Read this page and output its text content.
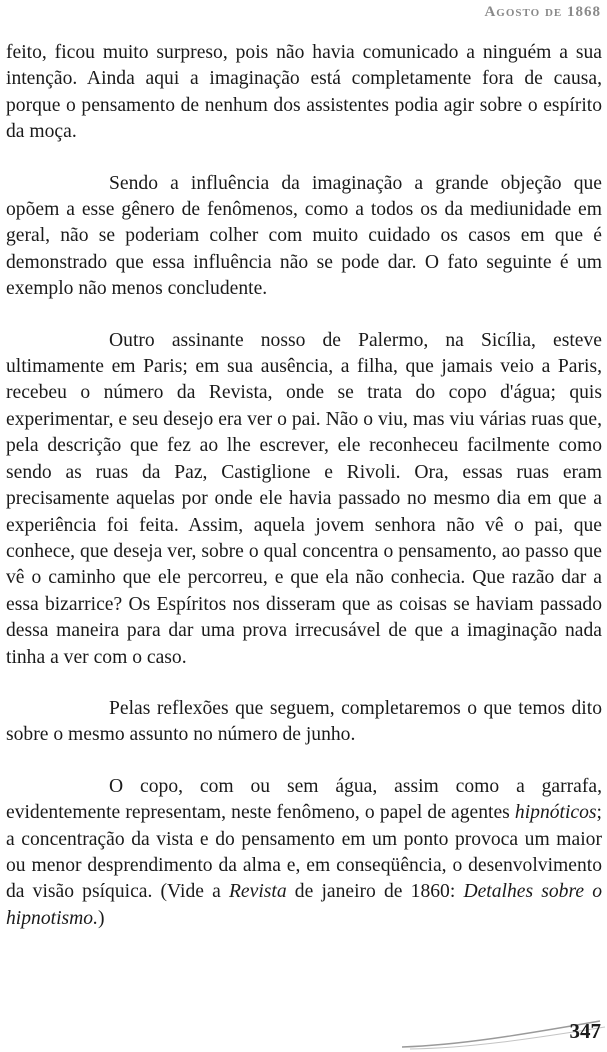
Agosto de 1868

feito, ficou muito surpreso, pois não havia comunicado a ninguém a sua intenção. Ainda aqui a imaginação está completamente fora de causa, porque o pensamento de nenhum dos assistentes podia agir sobre o espírito da moça.

Sendo a influência da imaginação a grande objeção que opõem a esse gênero de fenômenos, como a todos os da mediunidade em geral, não se poderiam colher com muito cuidado os casos em que é demonstrado que essa influência não se pode dar. O fato seguinte é um exemplo não menos concludente.

Outro assinante nosso de Palermo, na Sicília, esteve ultimamente em Paris; em sua ausência, a filha, que jamais veio a Paris, recebeu o número da Revista, onde se trata do copo d'água; quis experimentar, e seu desejo era ver o pai. Não o viu, mas viu várias ruas que, pela descrição que fez ao lhe escrever, ele reconheceu facilmente como sendo as ruas da Paz, Castiglione e Rivoli. Ora, essas ruas eram precisamente aquelas por onde ele havia passado no mesmo dia em que a experiência foi feita. Assim, aquela jovem senhora não vê o pai, que conhece, que deseja ver, sobre o qual concentra o pensamento, ao passo que vê o caminho que ele percorreu, e que ela não conhecia. Que razão dar a essa bizarrice? Os Espíritos nos disseram que as coisas se haviam passado dessa maneira para dar uma prova irrecusável de que a imaginação nada tinha a ver com o caso.

Pelas reflexões que seguem, completaremos o que temos dito sobre o mesmo assunto no número de junho.

O copo, com ou sem água, assim como a garrafa, evidentemente representam, neste fenômeno, o papel de agentes hipnóticos; a concentração da vista e do pensamento em um ponto provoca um maior ou menor desprendimento da alma e, em conseqüência, o desenvolvimento da visão psíquica. (Vide a Revista de janeiro de 1860: Detalhes sobre o hipnotismo.)

347
